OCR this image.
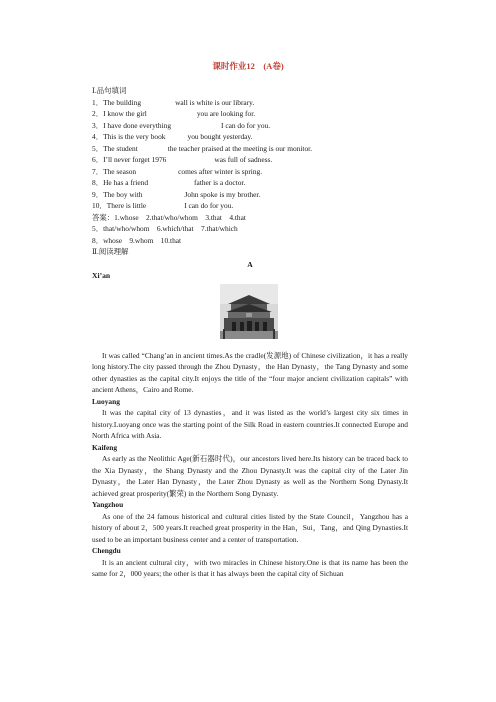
课时作业12　(A卷)
Ⅰ.品句填词
1．The building	wall is white is our library.
2．I know the girl	you are looking for.
3．I have done everything	I can do for you.
4．This is the very book	you bought yesterday.
5．The student	the teacher praised at the meeting is our monitor.
6．I’ll never forget 1976	was full of sadness.
7．The season	comes after winter is spring.
8．He has a friend	father is a doctor.
9．The boy with	John spoke is my brother.
10．There is little	I can do for you.
答案：1.whose　2.that/who/whom　3.that　4.that
5．that/who/whom　6.which/that　7.that/which
8．whose　9.whom　10.that
Ⅱ.阅读理解
A
Xi’an
It was called “Chang’an in ancient times.As the cradle(发源地) of Chinese civilization，it has a really long history.The city passed through the Zhou Dynasty，the Han Dynasty，the Tang Dynasty and some other dynasties as the capital city.It enjoys the title of the “four major ancient civilization capitals” with ancient Athens，Cairo and Rome.
Luoyang
It was the capital city of 13 dynasties，and it was listed as the world’s largest city six times in history.Luoyang once was the starting point of the Silk Road in eastern countries.It connected Europe and North Africa with Asia.
Kaifeng
As early as the Neolithic Age(新石器时代)，our ancestors lived here.Its history can be traced back to the Xia Dynasty，the Shang Dynasty and the Zhou Dynasty.It was the capital city of the Later Jin Dynasty，the Later Han Dynasty，the Later Zhou Dynasty as well as the Northern Song Dynasty.It achieved great prosperity(繁荣) in the Northern Song Dynasty.
Yangzhou
As one of the 24 famous historical and cultural cities listed by the State Council，Yangzhou has a history of about 2，500 years.It reached great prosperity in the Han，Sui，Tang，and Qing Dynasties.It used to be an important business center and a center of transportation.
Chengdu
It is an ancient cultural city，with two miracles in Chinese history.One is that its name has been the same for 2，000 years; the other is that it has always been the capital city of Sichuan
